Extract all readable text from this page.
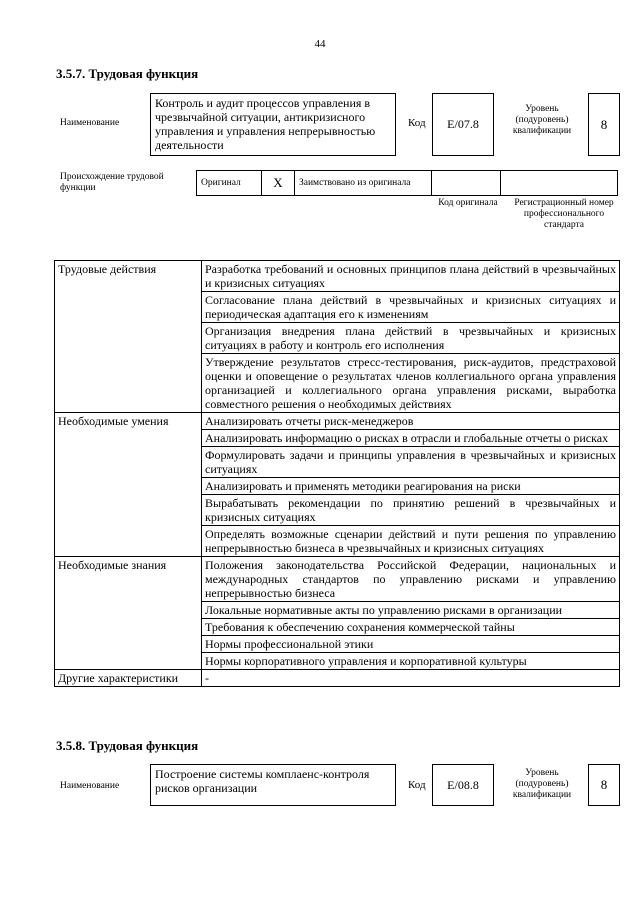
44
3.5.7. Трудовая функция
Наименование
Контроль и аудит процессов управления в чрезвычайной ситуации, антикризисного управления и управления непрерывностью деятельности
Код	E/07.8
Уровень (подуровень) квалификации	8
Происхождение трудовой функции	Оригинал	X	Заимствовано из оригинала		
Код оригинала	Регистрационный номер профессионального стандарта
Трудовые действия	Разработка требований и основных принципов плана действий в чрезвычайных и кризисных ситуациях
	Согласование плана действий в чрезвычайных и кризисных ситуациях и периодическая адаптация его к изменениям
	Организация внедрения плана действий в чрезвычайных и кризисных ситуациях в работу и контроль его исполнения
	Утверждение результатов стресс-тестирования, риск-аудитов, предстраховой оценки и оповещение о результатах членов коллегиального органа управления организацией и коллегиального органа управления рисками, выработка совместного решения о необходимых действиях
Необходимые умения	Анализировать отчеты риск-менеджеров
	Анализировать информацию о рисках в отрасли и глобальные отчеты о рисках
	Формулировать задачи и принципы управления в чрезвычайных и кризисных ситуациях
	Анализировать и применять методики реагирования на риски
	Вырабатывать рекомендации по принятию решений в чрезвычайных и кризисных ситуациях
	Определять возможные сценарии действий и пути решения по управлению непрерывностью бизнеса в чрезвычайных и кризисных ситуациях
Необходимые знания	Положения законодательства Российской Федерации, национальных и международных стандартов по управлению рисками и управлению непрерывностью бизнеса
	Локальные нормативные акты по управлению рисками в организации
	Требования к обеспечению сохранения коммерческой тайны
	Нормы профессиональной этики
	Нормы корпоративного управления и корпоративной культуры
Другие характеристики	-
3.5.8. Трудовая функция
Наименование
Построение системы комплаенс-контроля рисков организации	Код	E/08.8
Уровень (подуровень) квалификации
8
